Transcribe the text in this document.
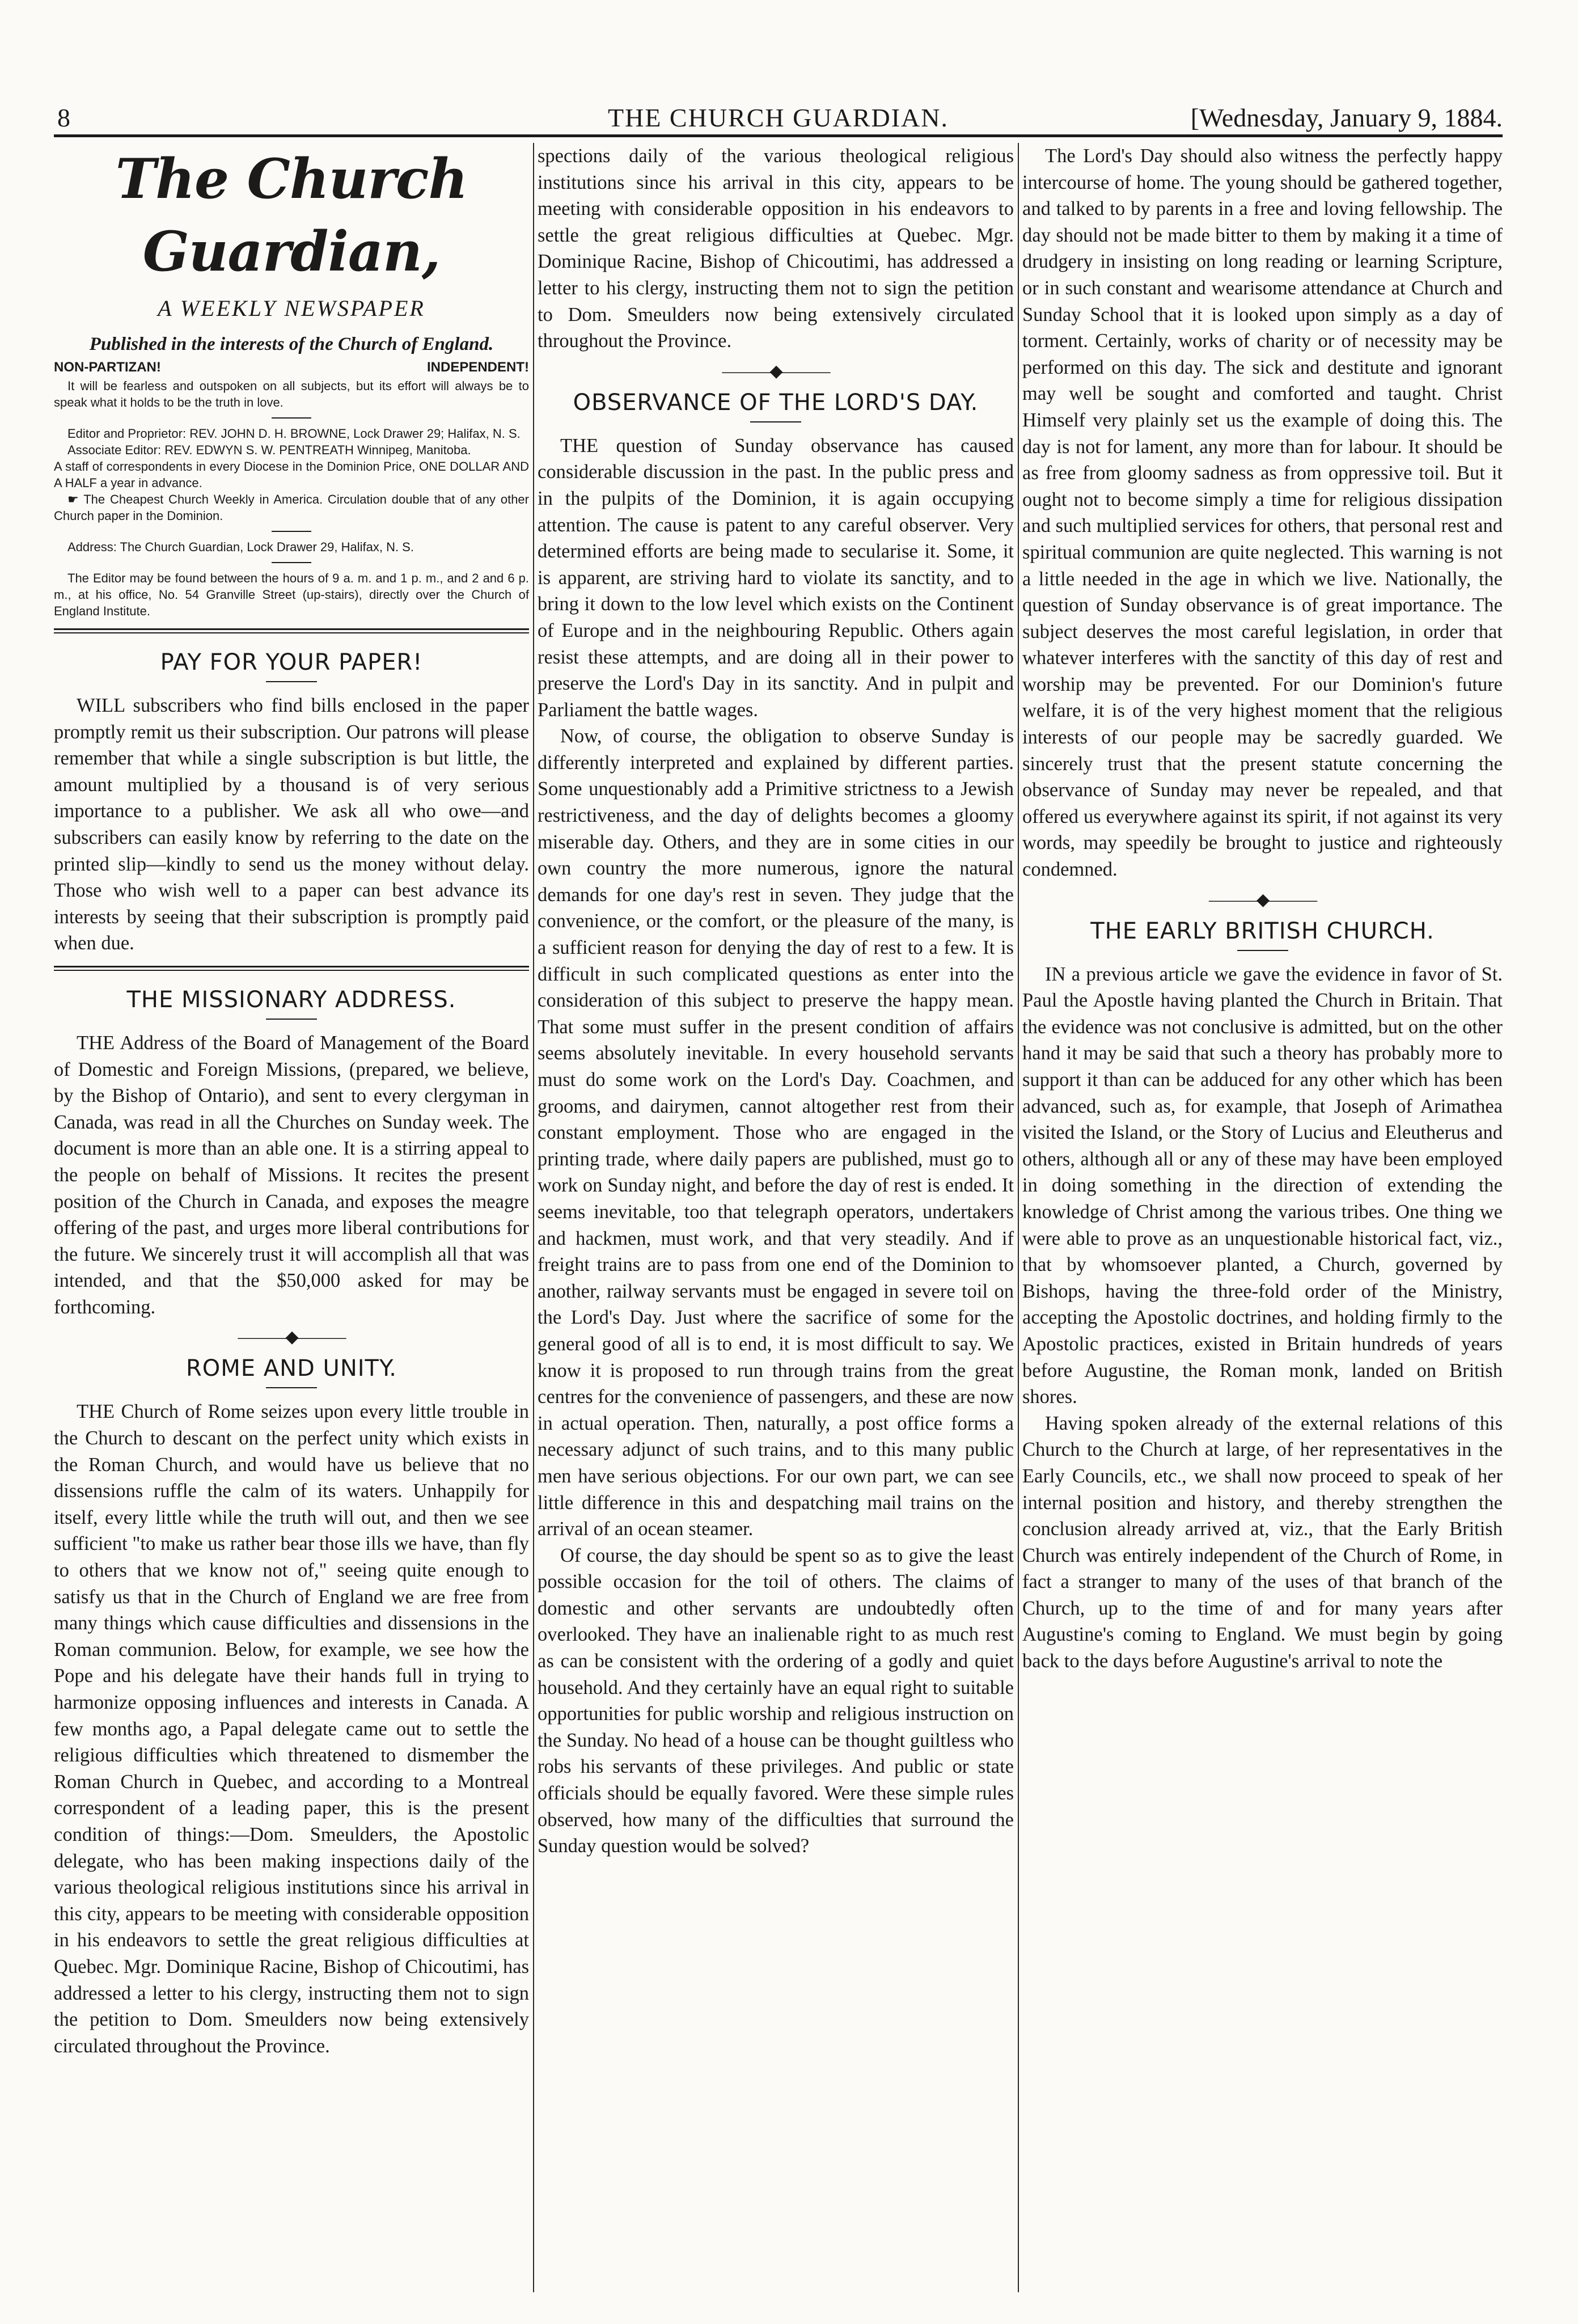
8	THE CHURCH GUARDIAN.	[Wednesday, January 9, 1884.
The Church Guardian,
A WEEKLY NEWSPAPER
Published in the interests of the Church of England.
NON-PARTIZAN!	INDEPENDENT!
It will be fearless and outspoken on all subjects, but its effort will always be to speak what it holds to be the truth in love.
Editor and Proprietor: REV. JOHN D. H. BROWNE, Lock Drawer 29; Halifax, N. S.
Associate Editor: REV. EDWYN S. W. PENTREATH Winnipeg, Manitoba.
A staff of correspondents in every Diocese in the Dominion Price, ONE DOLLAR AND A HALF a year in advance.
☛ The Cheapest Church Weekly in America. Circulation double that of any other Church paper in the Dominion.
Address: The Church Guardian, Lock Drawer 29, Halifax, N. S.
The Editor may be found between the hours of 9 a. m. and 1 p. m., and 2 and 6 p. m., at his office, No. 54 Granville Street (up-stairs), directly over the Church of England Institute.
PAY FOR YOUR PAPER!

WILL subscribers who find bills enclosed in the paper promptly remit us their subscription. Our patrons will please remember that while a single subscription is but little, the amount multiplied by a thousand is of very serious importance to a publisher. We ask all who owe—and subscribers can easily know by referring to the date on the printed slip—kindly to send us the money without delay. Those who wish well to a paper can best advance its interests by seeing that their subscription is promptly paid when due.

THE MISSIONARY ADDRESS.

THE Address of the Board of Management of the Board of Domestic and Foreign Missions, (prepared, we believe, by the Bishop of Ontario), and sent to every clergyman in Canada, was read in all the Churches on Sunday week. The document is more than an able one. It is a stirring appeal to the people on behalf of Missions. It recites the present position of the Church in Canada, and exposes the meagre offering of the past, and urges more liberal contributions for the future. We sincerely trust it will accomplish all that was intended, and that the $50,000 asked for may be forthcoming.

———◆———
ROME AND UNITY.

THE Church of Rome seizes upon every little trouble in the Church to descant on the perfect unity which exists in the Roman Church, and would have us believe that no dissensions ruffle the calm of its waters. Unhappily for itself, every little while the truth will out, and then we see sufficient "to make us rather bear those ills we have, than fly to others that we know not of," seeing quite enough to satisfy us that in the Church of England we are free from many things which cause difficulties and dissensions in the Roman communion. Below, for example, we see how the Pope and his delegate have their hands full in trying to harmonize opposing influences and interests in Canada. A few months ago, a Papal delegate came out to settle the religious difficulties which threatened to dismember the Roman Church in Quebec, and according to a Montreal correspondent of a leading paper, this is the present condition of things:—Dom. Smeulders, the Apostolic delegate, who has been making inspections daily of the various theological religious institutions since his arrival in this city, appears to be meeting with considerable opposition in his endeavors to settle the great religious difficulties at Quebec. Mgr. Dominique Racine, Bishop of Chicoutimi, has addressed a letter to his clergy, instructing them not to sign the petition to Dom. Smeulders now being extensively circulated throughout the Province.

spections daily of the various theological religious institutions since his arrival in this city, appears to be meeting with considerable opposition in his endeavors to settle the great religious difficulties at Quebec. Mgr. Dominique Racine, Bishop of Chicoutimi, has addressed a letter to his clergy, instructing them not to sign the petition to Dom. Smeulders now being extensively circulated throughout the Province.

———◆———
OBSERVANCE OF THE LORD'S DAY.

THE question of Sunday observance has caused considerable discussion in the past. In the public press and in the pulpits of the Dominion, it is again occupying attention. The cause is patent to any careful observer. Very determined efforts are being made to secularise it. Some, it is apparent, are striving hard to violate its sanctity, and to bring it down to the low level which exists on the Continent of Europe and in the neighbouring Republic. Others again resist these attempts, and are doing all in their power to preserve the Lord's Day in its sanctity. And in pulpit and Parliament the battle wages.

Now, of course, the obligation to observe Sunday is differently interpreted and explained by different parties. Some unquestionably add a Primitive strictness to a Jewish restrictiveness, and the day of delights becomes a gloomy miserable day. Others, and they are in some cities in our own country the more numerous, ignore the natural demands for one day's rest in seven. They judge that the convenience, or the comfort, or the pleasure of the many, is a sufficient reason for denying the day of rest to a few. It is difficult in such complicated questions as enter into the consideration of this subject to preserve the happy mean. That some must suffer in the present condition of affairs seems absolutely inevitable. In every household servants must do some work on the Lord's Day. Coachmen, and grooms, and dairymen, cannot altogether rest from their constant employment. Those who are engaged in the printing trade, where daily papers are published, must go to work on Sunday night, and before the day of rest is ended. It seems inevitable, too that telegraph operators, undertakers and hackmen, must work, and that very steadily. And if freight trains are to pass from one end of the Dominion to another, railway servants must be engaged in severe toil on the Lord's Day. Just where the sacrifice of some for the general good of all is to end, it is most difficult to say. We know it is proposed to run through trains from the great centres for the convenience of passengers, and these are now in actual operation. Then, naturally, a post office forms a necessary adjunct of such trains, and to this many public men have serious objections. For our own part, we can see little difference in this and despatching mail trains on the arrival of an ocean steamer.

Of course, the day should be spent so as to give the least possible occasion for the toil of others. The claims of domestic and other servants are undoubtedly often overlooked. They have an inalienable right to as much rest as can be consistent with the ordering of a godly and quiet household. And they certainly have an equal right to suitable opportunities for public worship and religious instruction on the Sunday. No head of a house can be thought guiltless who robs his servants of these privileges. And public or state officials should be equally favored. Were these simple rules observed, how many of the difficulties that surround the Sunday question would be solved?

The Lord's Day should also witness the perfectly happy intercourse of home. The young should be gathered together, and talked to by parents in a free and loving fellowship. The day should not be made bitter to them by making it a time of drudgery in insisting on long reading or learning Scripture, or in such constant and wearisome attendance at Church and Sunday School that it is looked upon simply as a day of torment. Certainly, works of charity or of necessity may be performed on this day. The sick and destitute and ignorant may well be sought and comforted and taught. Christ Himself very plainly set us the example of doing this. The day is not for lament, any more than for labour. It should be as free from gloomy sadness as from oppressive toil. But it ought not to become simply a time for religious dissipation and such multiplied services for others, that personal rest and spiritual communion are quite neglected. This warning is not a little needed in the age in which we live. Nationally, the question of Sunday observance is of great importance. The subject deserves the most careful legislation, in order that whatever interferes with the sanctity of this day of rest and worship may be prevented. For our Dominion's future welfare, it is of the very highest moment that the religious interests of our people may be sacredly guarded. We sincerely trust that the present statute concerning the observance of Sunday may never be repealed, and that offered us everywhere against its spirit, if not against its very words, may speedily be brought to justice and righteously condemned.

———◆———
THE EARLY BRITISH CHURCH.

IN a previous article we gave the evidence in favor of St. Paul the Apostle having planted the Church in Britain. That the evidence was not conclusive is admitted, but on the other hand it may be said that such a theory has probably more to support it than can be adduced for any other which has been advanced, such as, for example, that Joseph of Arimathea visited the Island, or the Story of Lucius and Eleutherus and others, although all or any of these may have been employed in doing something in the direction of extending the knowledge of Christ among the various tribes. One thing we were able to prove as an unquestionable historical fact, viz., that by whomsoever planted, a Church, governed by Bishops, having the three-fold order of the Ministry, accepting the Apostolic doctrines, and holding firmly to the Apostolic practices, existed in Britain hundreds of years before Augustine, the Roman monk, landed on British shores.

Having spoken already of the external relations of this Church to the Church at large, of her representatives in the Early Councils, etc., we shall now proceed to speak of her internal position and history, and thereby strengthen the conclusion already arrived at, viz., that the Early British Church was entirely independent of the Church of Rome, in fact a stranger to many of the uses of that branch of the Church, up to the time of and for many years after Augustine's coming to England. We must begin by going back to the days before Augustine's arrival to note the
